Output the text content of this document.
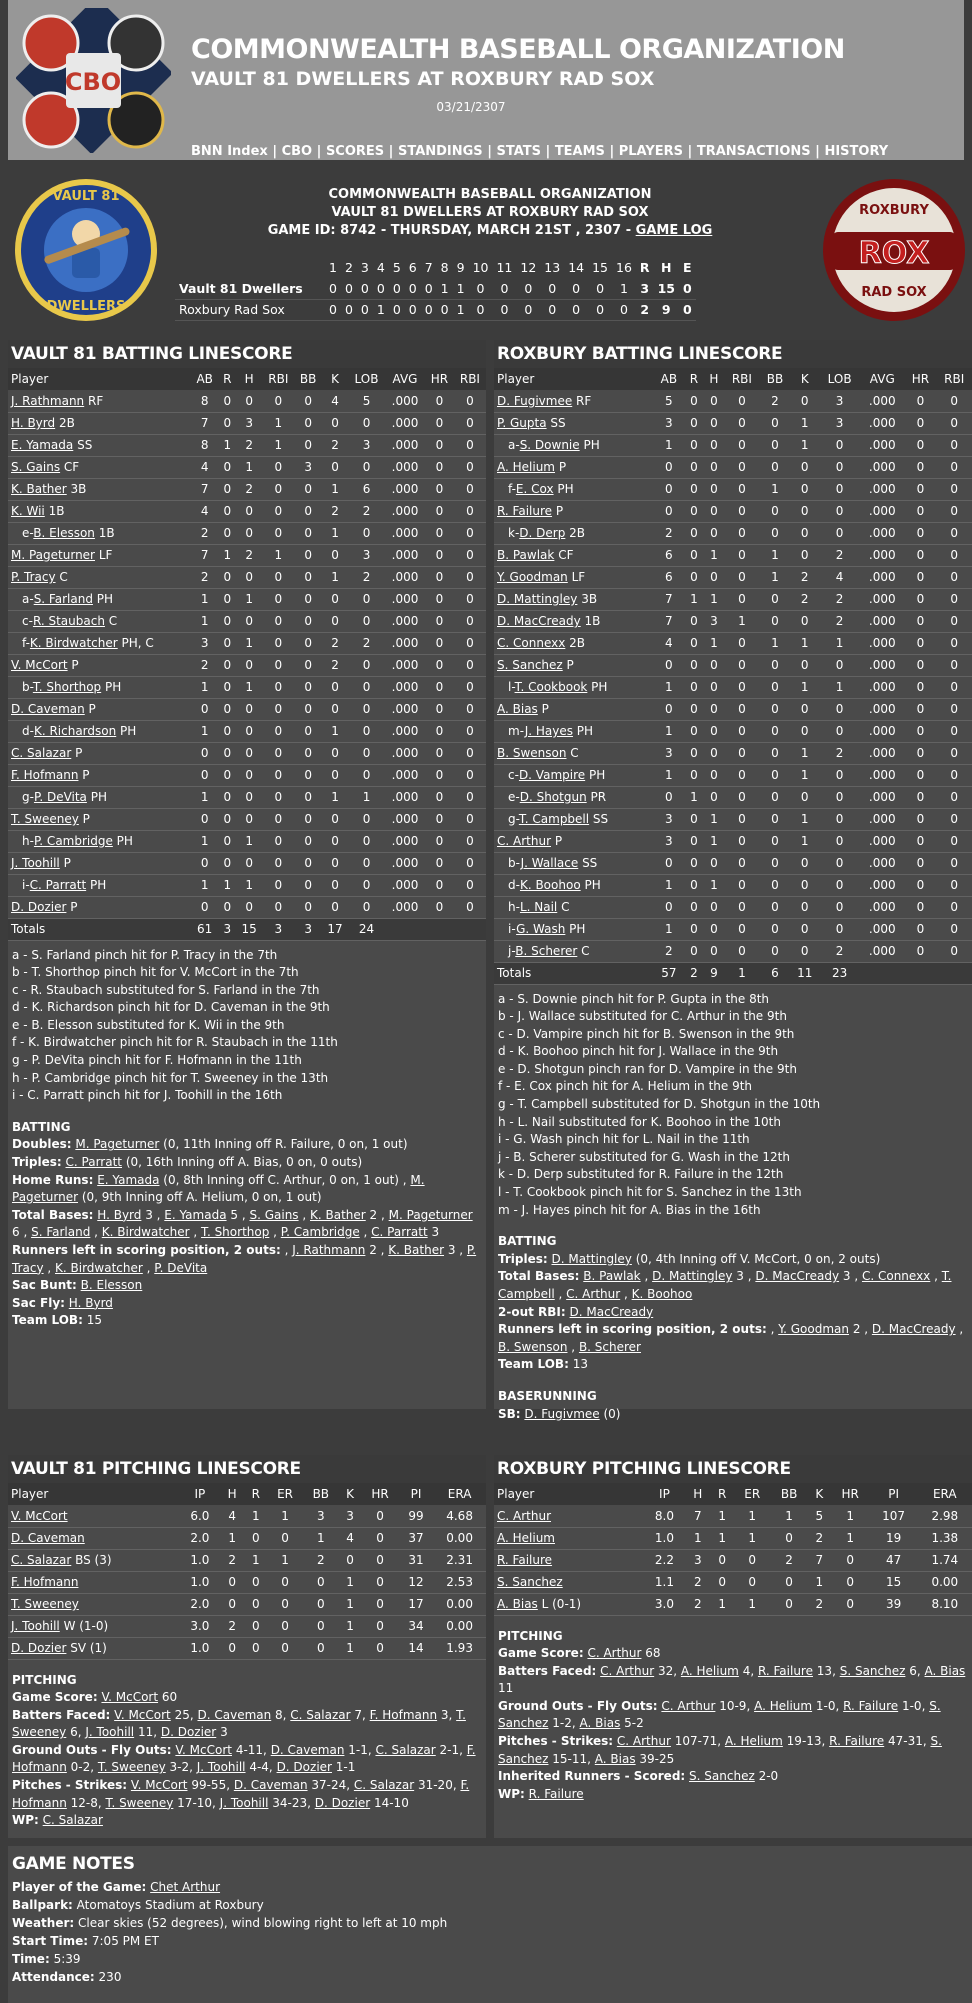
CBO
COMMONWEALTH BASEBALL ORGANIZATION
VAULT 81 DWELLERS AT ROXBURY RAD SOX
03/21/2307
BNN Index | CBO | SCORES | STANDINGS | STATS | TEAMS | PLAYERS | TRANSACTIONS | HISTORY
VAULT 81
DWELLERS
ROX
ROXBURY
RAD SOX
COMMONWEALTH BASEBALL ORGANIZATION
VAULT 81 DWELLERS AT ROXBURY RAD SOX
GAME ID: 8742 - THURSDAY, MARCH 21ST , 2307 - GAME LOG
	1	2	3	4	5	6	7	8	9	10	11	12	13	14	15	16	R	H	E
Vault 81 Dwellers	0	0	0	0	0	0	0	1	1	0	0	0	0	0	0	1	3	15	0
Roxbury Rad Sox	0	0	0	1	0	0	0	0	1	0	0	0	0	0	0	0	2	9	0
VAULT 81 BATTING LINESCORE
Player	AB	R	H	RBI	BB	K	LOB	AVG	HR	RBI
J. Rathmann RF	8	0	0	0	0	4	5	.000	0	0
H. Byrd 2B	7	0	3	1	0	0	0	.000	0	0
E. Yamada SS	8	1	2	1	0	2	3	.000	0	0
S. Gains CF	4	0	1	0	3	0	0	.000	0	0
K. Bather 3B	7	0	2	0	0	1	6	.000	0	0
K. Wii 1B	4	0	0	0	0	2	2	.000	0	0
e-B. Elesson 1B	2	0	0	0	0	1	0	.000	0	0
M. Pageturner LF	7	1	2	1	0	0	3	.000	0	0
P. Tracy C	2	0	0	0	0	1	2	.000	0	0
a-S. Farland PH	1	0	1	0	0	0	0	.000	0	0
c-R. Staubach C	1	0	0	0	0	0	0	.000	0	0
f-K. Birdwatcher PH, C	3	0	1	0	0	2	2	.000	0	0
V. McCort P	2	0	0	0	0	2	0	.000	0	0
b-T. Shorthop PH	1	0	1	0	0	0	0	.000	0	0
D. Caveman P	0	0	0	0	0	0	0	.000	0	0
d-K. Richardson PH	1	0	0	0	0	1	0	.000	0	0
C. Salazar P	0	0	0	0	0	0	0	.000	0	0
F. Hofmann P	0	0	0	0	0	0	0	.000	0	0
g-P. DeVita PH	1	0	0	0	0	1	1	.000	0	0
T. Sweeney P	0	0	0	0	0	0	0	.000	0	0
h-P. Cambridge PH	1	0	1	0	0	0	0	.000	0	0
J. Toohill P	0	0	0	0	0	0	0	.000	0	0
i-C. Parratt PH	1	1	1	0	0	0	0	.000	0	0
D. Dozier P	0	0	0	0	0	0	0	.000	0	0
Totals	61	3	15	3	3	17	24			
a - S. Farland pinch hit for P. Tracy in the 7th
b - T. Shorthop pinch hit for V. McCort in the 7th
c - R. Staubach substituted for S. Farland in the 7th
d - K. Richardson pinch hit for D. Caveman in the 9th
e - B. Elesson substituted for K. Wii in the 9th
f - K. Birdwatcher pinch hit for R. Staubach in the 11th
g - P. DeVita pinch hit for F. Hofmann in the 11th
h - P. Cambridge pinch hit for T. Sweeney in the 13th
i - C. Parratt pinch hit for J. Toohill in the 16th
BATTING
Doubles: M. Pageturner (0, 11th Inning off R. Failure, 0 on, 1 out)
Triples: C. Parratt (0, 16th Inning off A. Bias, 0 on, 0 outs)
Home Runs: E. Yamada (0, 8th Inning off C. Arthur, 0 on, 1 out) , M. Pageturner (0, 9th Inning off A. Helium, 0 on, 1 out)
Total Bases: H. Byrd 3 , E. Yamada 5 , S. Gains , K. Bather 2 , M. Pageturner 6 , S. Farland , K. Birdwatcher , T. Shorthop , P. Cambridge , C. Parratt 3
Runners left in scoring position, 2 outs: , J. Rathmann 2 , K. Bather 3 , P. Tracy , K. Birdwatcher , P. DeVita
Sac Bunt: B. Elesson
Sac Fly: H. Byrd
Team LOB: 15
ROXBURY BATTING LINESCORE
Player	AB	R	H	RBI	BB	K	LOB	AVG	HR	RBI
D. Fugivmee RF	5	0	0	0	2	0	3	.000	0	0
P. Gupta SS	3	0	0	0	0	1	3	.000	0	0
a-S. Downie PH	1	0	0	0	0	1	0	.000	0	0
A. Helium P	0	0	0	0	0	0	0	.000	0	0
f-E. Cox PH	0	0	0	0	1	0	0	.000	0	0
R. Failure P	0	0	0	0	0	0	0	.000	0	0
k-D. Derp 2B	2	0	0	0	0	0	0	.000	0	0
B. Pawlak CF	6	0	1	0	1	0	2	.000	0	0
Y. Goodman LF	6	0	0	0	1	2	4	.000	0	0
D. Mattingley 3B	7	1	1	0	0	2	2	.000	0	0
D. MacCready 1B	7	0	3	1	0	0	2	.000	0	0
C. Connexx 2B	4	0	1	0	1	1	1	.000	0	0
S. Sanchez P	0	0	0	0	0	0	0	.000	0	0
l-T. Cookbook PH	1	0	0	0	0	1	1	.000	0	0
A. Bias P	0	0	0	0	0	0	0	.000	0	0
m-J. Hayes PH	1	0	0	0	0	0	0	.000	0	0
B. Swenson C	3	0	0	0	0	1	2	.000	0	0
c-D. Vampire PH	1	0	0	0	0	1	0	.000	0	0
e-D. Shotgun PR	0	1	0	0	0	0	0	.000	0	0
g-T. Campbell SS	3	0	1	0	0	1	0	.000	0	0
C. Arthur P	3	0	1	0	0	1	0	.000	0	0
b-J. Wallace SS	0	0	0	0	0	0	0	.000	0	0
d-K. Boohoo PH	1	0	1	0	0	0	0	.000	0	0
h-L. Nail C	0	0	0	0	0	0	0	.000	0	0
i-G. Wash PH	1	0	0	0	0	0	0	.000	0	0
j-B. Scherer C	2	0	0	0	0	0	2	.000	0	0
Totals	57	2	9	1	6	11	23			
a - S. Downie pinch hit for P. Gupta in the 8th
b - J. Wallace substituted for C. Arthur in the 9th
c - D. Vampire pinch hit for B. Swenson in the 9th
d - K. Boohoo pinch hit for J. Wallace in the 9th
e - D. Shotgun pinch ran for D. Vampire in the 9th
f - E. Cox pinch hit for A. Helium in the 9th
g - T. Campbell substituted for D. Shotgun in the 10th
h - L. Nail substituted for K. Boohoo in the 10th
i - G. Wash pinch hit for L. Nail in the 11th
j - B. Scherer substituted for G. Wash in the 12th
k - D. Derp substituted for R. Failure in the 12th
l - T. Cookbook pinch hit for S. Sanchez in the 13th
m - J. Hayes pinch hit for A. Bias in the 16th
BATTING
Triples: D. Mattingley (0, 4th Inning off V. McCort, 0 on, 2 outs)
Total Bases: B. Pawlak , D. Mattingley 3 , D. MacCready 3 , C. Connexx , T. Campbell , C. Arthur , K. Boohoo
2-out RBI: D. MacCready
Runners left in scoring position, 2 outs: , Y. Goodman 2 , D. MacCready , B. Swenson , B. Scherer
Team LOB: 13
BASERUNNING
SB: D. Fugivmee (0)
VAULT 81 PITCHING LINESCORE
Player	IP	H	R	ER	BB	K	HR	PI	ERA
V. McCort	6.0	4	1	1	3	3	0	99	4.68
D. Caveman	2.0	1	0	0	1	4	0	37	0.00
C. Salazar BS (3)	1.0	2	1	1	2	0	0	31	2.31
F. Hofmann	1.0	0	0	0	0	1	0	12	2.53
T. Sweeney	2.0	0	0	0	0	1	0	17	0.00
J. Toohill W (1-0)	3.0	2	0	0	0	1	0	34	0.00
D. Dozier SV (1)	1.0	0	0	0	0	1	0	14	1.93
PITCHING
Game Score: V. McCort 60
Batters Faced: V. McCort 25, D. Caveman 8, C. Salazar 7, F. Hofmann 3, T. Sweeney 6, J. Toohill 11, D. Dozier 3
Ground Outs - Fly Outs: V. McCort 4-11, D. Caveman 1-1, C. Salazar 2-1, F. Hofmann 0-2, T. Sweeney 3-2, J. Toohill 4-4, D. Dozier 1-1
Pitches - Strikes: V. McCort 99-55, D. Caveman 37-24, C. Salazar 31-20, F. Hofmann 12-8, T. Sweeney 17-10, J. Toohill 34-23, D. Dozier 14-10
WP: C. Salazar
ROXBURY PITCHING LINESCORE
Player	IP	H	R	ER	BB	K	HR	PI	ERA
C. Arthur	8.0	7	1	1	1	5	1	107	2.98
A. Helium	1.0	1	1	1	0	2	1	19	1.38
R. Failure	2.2	3	0	0	2	7	0	47	1.74
S. Sanchez	1.1	2	0	0	0	1	0	15	0.00
A. Bias L (0-1)	3.0	2	1	1	0	2	0	39	8.10
PITCHING
Game Score: C. Arthur 68
Batters Faced: C. Arthur 32, A. Helium 4, R. Failure 13, S. Sanchez 6, A. Bias 11
Ground Outs - Fly Outs: C. Arthur 10-9, A. Helium 1-0, R. Failure 1-0, S. Sanchez 1-2, A. Bias 5-2
Pitches - Strikes: C. Arthur 107-71, A. Helium 19-13, R. Failure 47-31, S. Sanchez 15-11, A. Bias 39-25
Inherited Runners - Scored: S. Sanchez 2-0
WP: R. Failure
GAME NOTES
Player of the Game: Chet Arthur
Ballpark: Atomatoys Stadium at Roxbury
Weather: Clear skies (52 degrees), wind blowing right to left at 10 mph
Start Time: 7:05 PM ET
Time: 5:39
Attendance: 230
